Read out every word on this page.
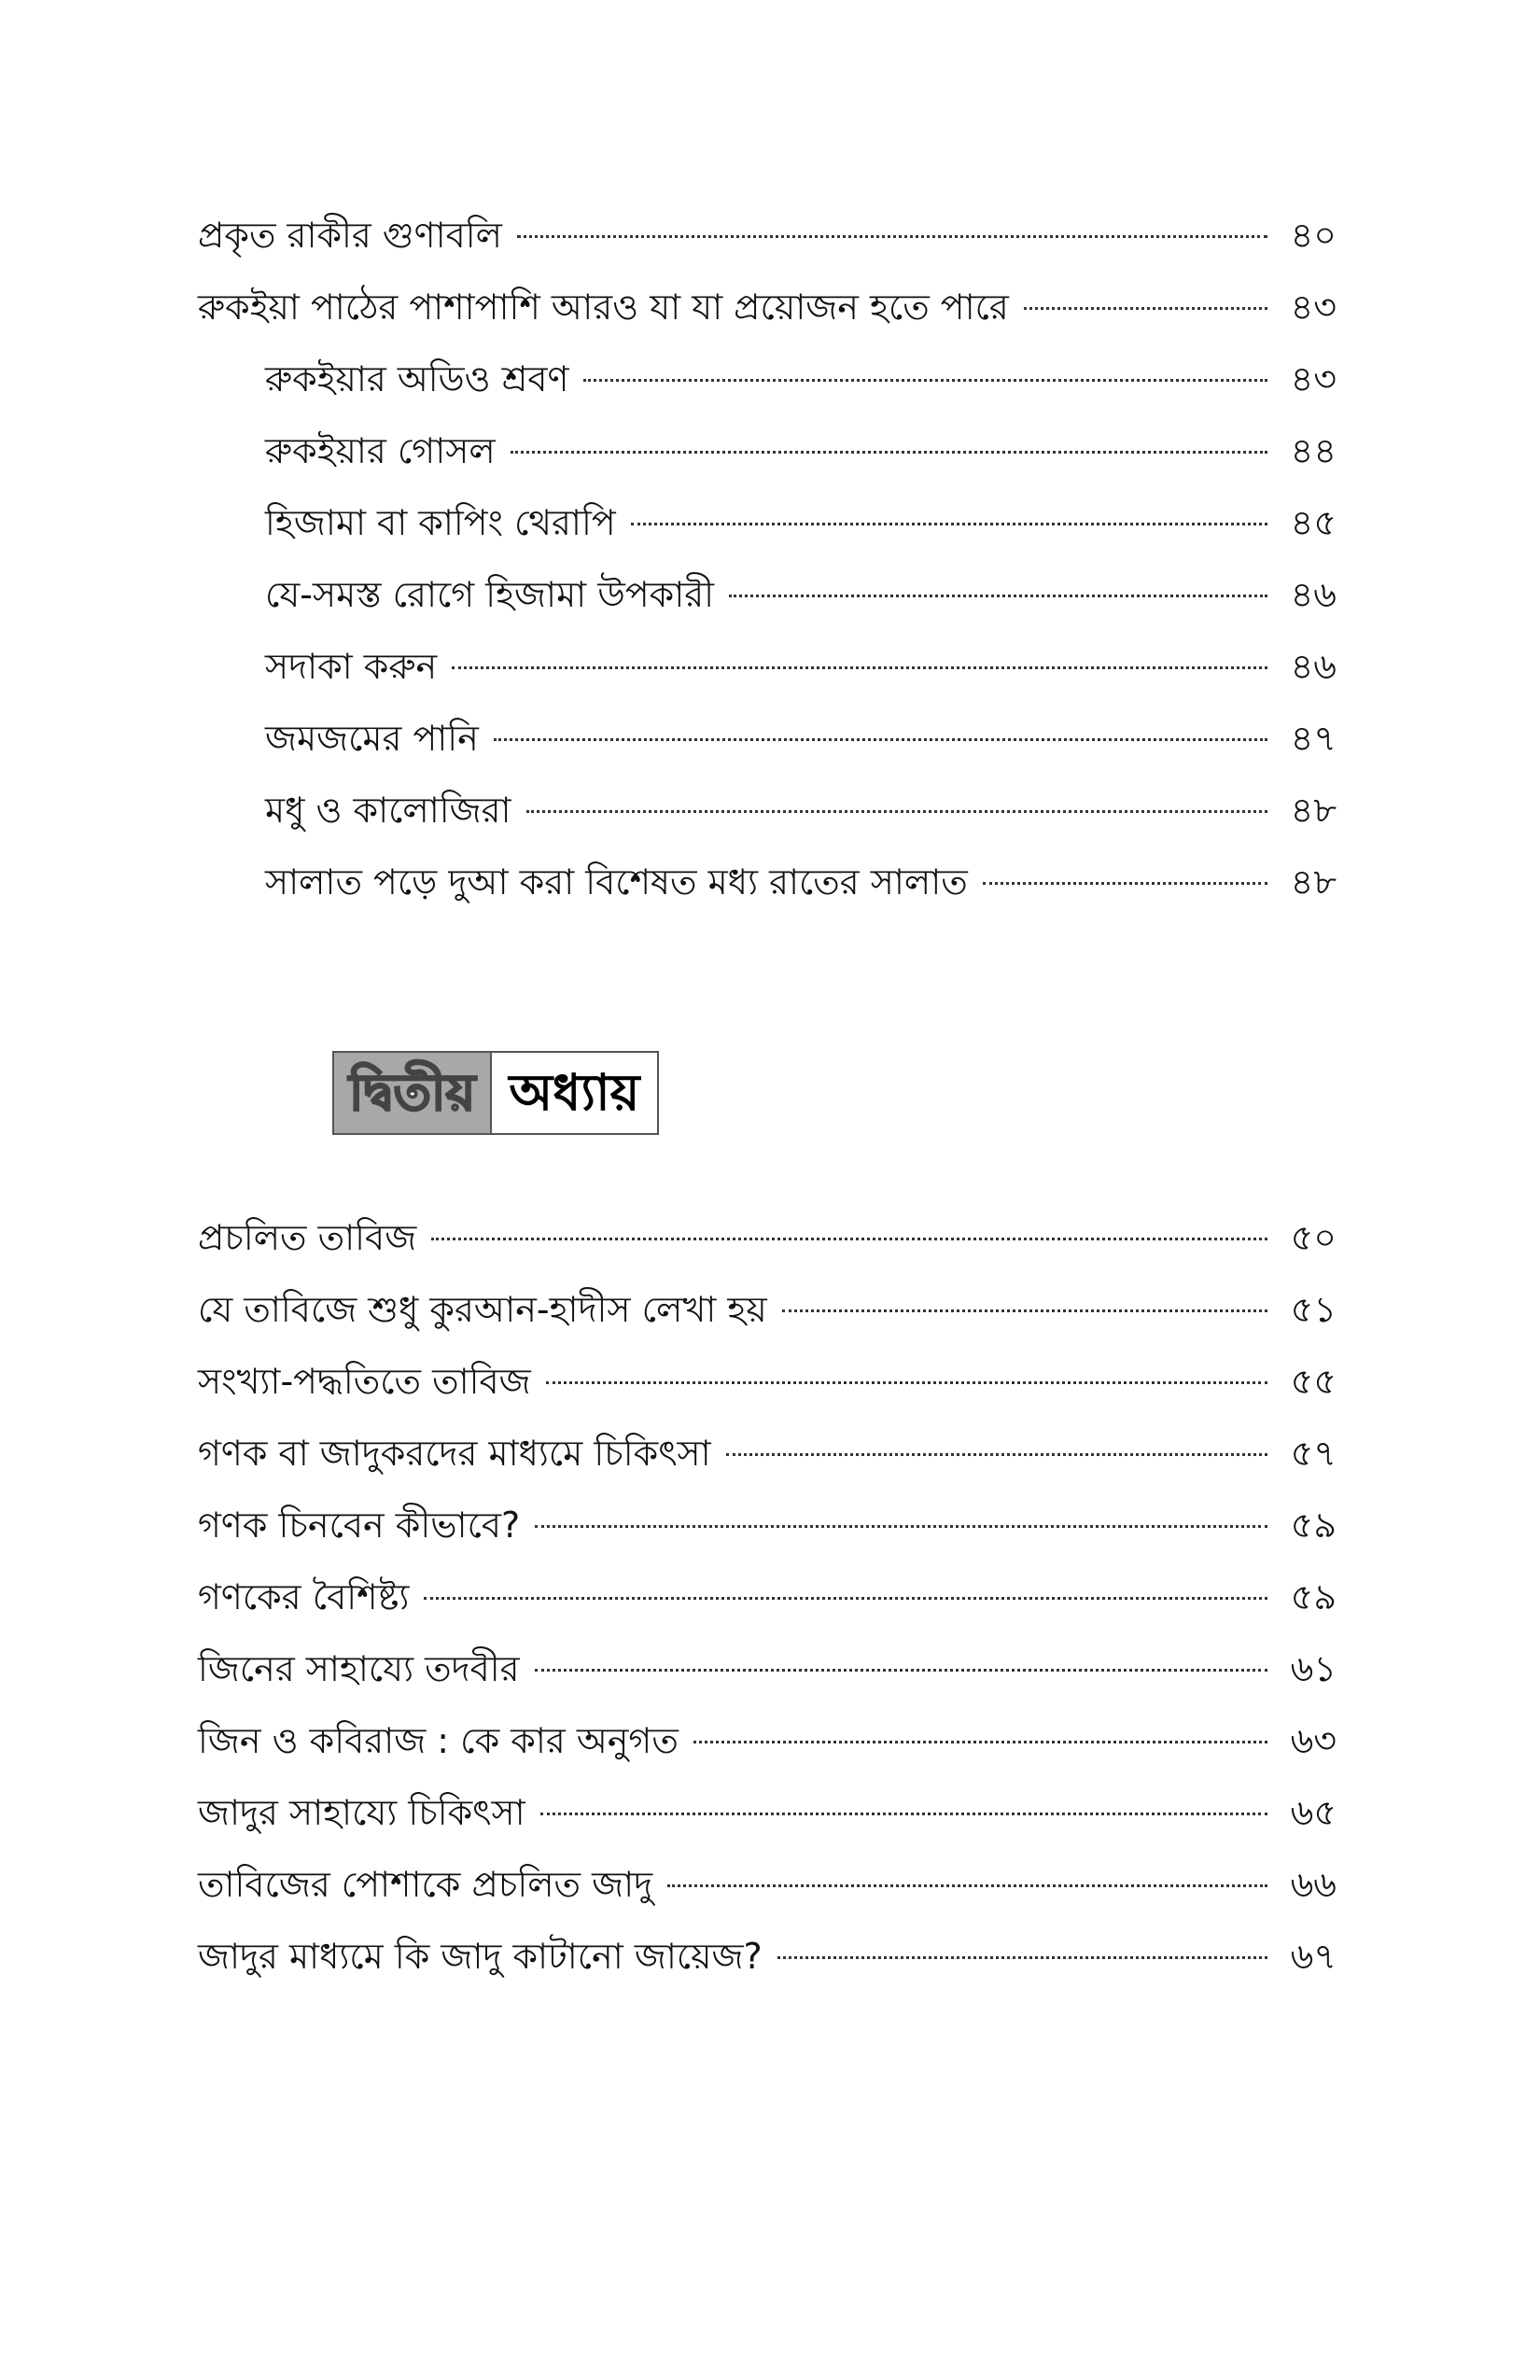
প্রকৃত রাকীর গুণাবলি	৪০
রুকইয়া পাঠের পাশাপাশি আরও যা যা প্রয়োজন হতে পারে	৪৩
রুকইয়ার অডিও শ্রবণ	৪৩
রুকইয়ার গোসল	৪৪
হিজামা বা কাপিং থেরাপি	৪৫
যে-সমস্ত রোগে হিজামা উপকারী	৪৬
সদাকা করুন	৪৬
জমজমের পানি	৪৭
মধু ও কালোজিরা	৪৮
সালাত পড়ে দুআ করা বিশেষত মধ্য রাতের সালাত	৪৮
দ্বিতীয় অধ্যায়
প্রচলিত তাবিজ	৫০
যে তাবিজে শুধু কুরআন-হাদীস লেখা হয়	৫১
সংখ্যা-পদ্ধতিতে তাবিজ	৫৫
গণক বা জাদুকরদের মাধ্যমে চিকিৎসা	৫৭
গণক চিনবেন কীভাবে?	৫৯
গণকের বৈশিষ্ট্য	৫৯
জিনের সাহায্যে তদবীর	৬১
জিন ও কবিরাজ : কে কার অনুগত	৬৩
জাদুর সাহায্যে চিকিৎসা	৬৫
তাবিজের পোশাকে প্রচলিত জাদু	৬৬
জাদুর মাধ্যমে কি জাদু কাটানো জায়েজ?	৬৭
